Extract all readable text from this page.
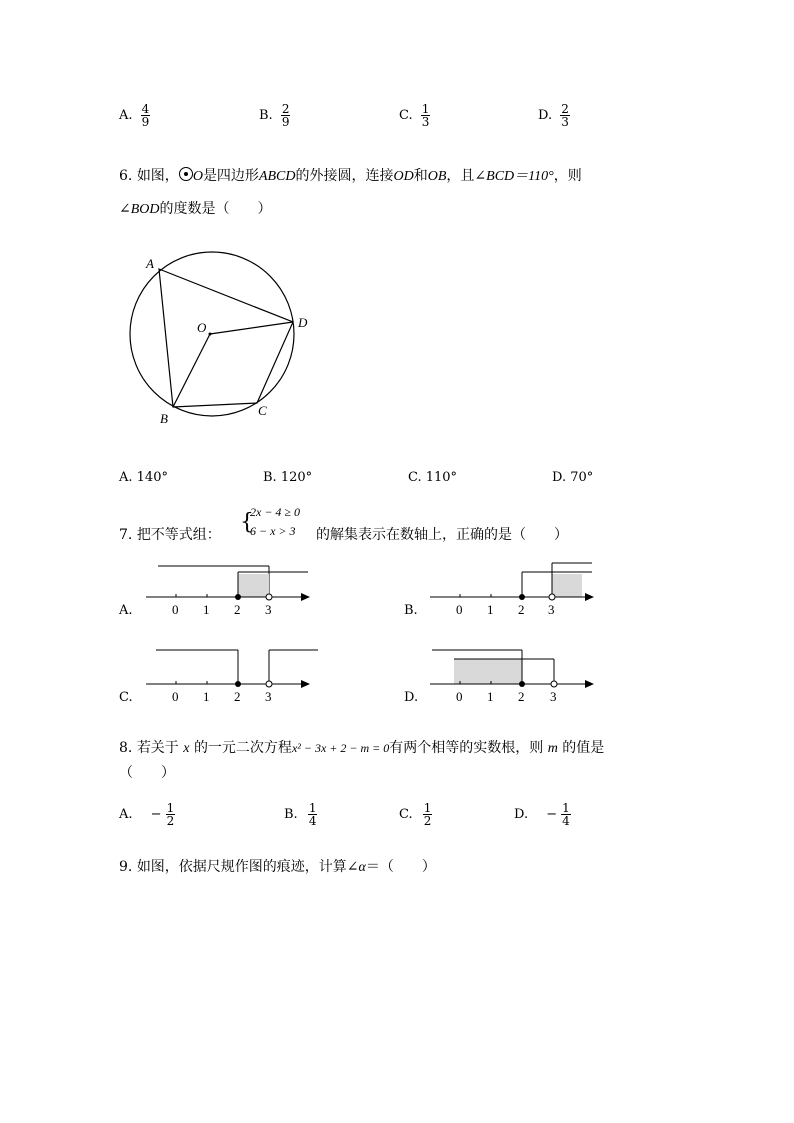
A. $\frac{4}{9}$	B. $\frac{2}{9}$	C. $\frac{1}{3}$	D. $\frac{2}{3}$
6. 如图， O是四边形ABCD的外接圆，连接OD和OB，且∠BCD＝110°，则
∠BOD的度数是（　　）
A
O	D
C
B
A. 140°	B. 120°	C. 110°	D. 70°
7. 把不等式组： {
2x − 4 ≥ 0
6 − x > 3 的解集表示在数轴上，正确的是（　　）
A.	0 1 2 3	B.	0 1 2 3
C.	0 1 2 3	D.	0 1 2 3
8. 若关于 x 的一元二次方程x² − 3x + 2 − m = 0有两个相等的实数根，则 m 的值是
（　　）
A. − $\frac{1}{2}$	B. $\frac{1}{4}$	C. $\frac{1}{2}$	D. − $\frac{1}{4}$
9. 如图，依据尺规作图的痕迹，计算∠α＝（　　）
